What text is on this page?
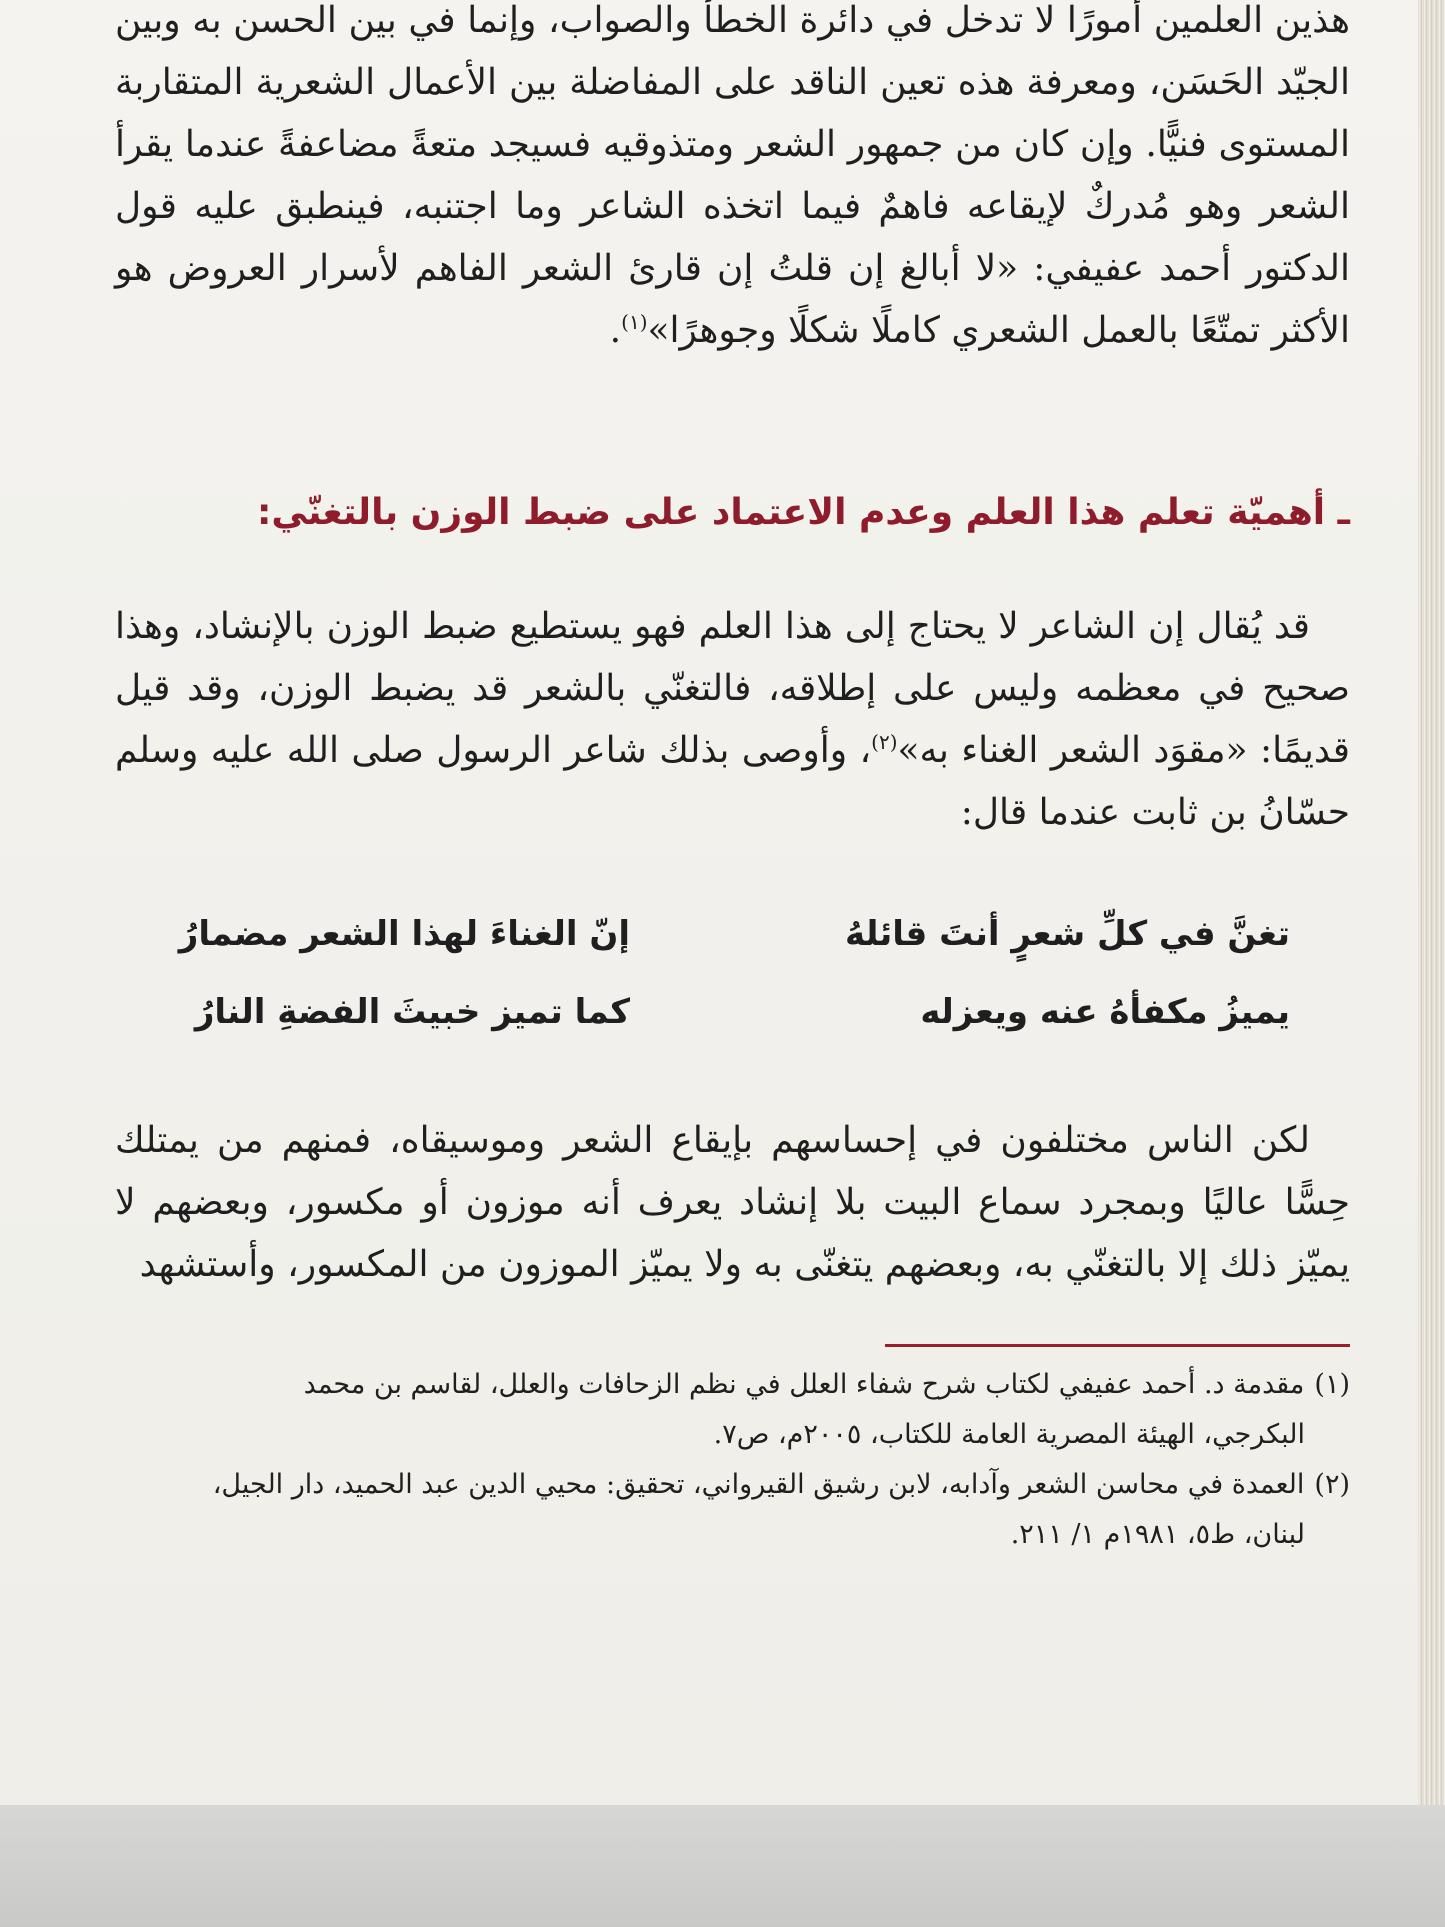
هذين العلمين أمورًا لا تدخل في دائرة الخطأ والصواب، وإنما في بين الحسن به وبين الجيّد الحَسَن، ومعرفة هذه تعين الناقد على المفاضلة بين الأعمال الشعرية المتقاربة المستوى فنيًّا. وإن كان من جمهور الشعر ومتذوقيه فسيجد متعةً مضاعفةً عندما يقرأ الشعر وهو مُدركٌ لإيقاعه فاهمٌ فيما اتخذه الشاعر وما اجتنبه، فينطبق عليه قول الدكتور أحمد عفيفي: «لا أبالغ إن قلتُ إن قارئ الشعر الفاهم لأسرار العروض هو الأكثر تمتّعًا بالعمل الشعري كاملًا شكلًا وجوهرًا»$^{(١)}$.
ـ أهميّة تعلم هذا العلم وعدم الاعتماد على ضبط الوزن بالتغنّي:
قد يُقال إن الشاعر لا يحتاج إلى هذا العلم فهو يستطيع ضبط الوزن بالإنشاد، وهذا صحيح في معظمه وليس على إطلاقه، فالتغنّي بالشعر قد يضبط الوزن، وقد قيل قديمًا: «مقوَد الشعر الغناء به»$^{(٢)}$، وأوصى بذلك شاعر الرسول صلى الله عليه وسلم حسّانُ بن ثابت عندما قال:
تغنَّ في كلِّ شعرٍ أنتَ قائلهُ
إنّ الغناءَ لهذا الشعر مضمارُ
يميزُ مكفأهُ عنه ويعزله
كما تميز خبيثَ الفضةِ النارُ
لكن الناس مختلفون في إحساسهم بإيقاع الشعر وموسيقاه، فمنهم من يمتلك حِسًّا عاليًا وبمجرد سماع البيت بلا إنشاد يعرف أنه موزون أو مكسور، وبعضهم لا يميّز ذلك إلا بالتغنّي به، وبعضهم يتغنّى به ولا يميّز الموزون من المكسور، وأستشهد
(١)مقدمة د. أحمد عفيفي لكتاب شرح شفاء العلل في نظم الزحافات والعلل، لقاسم بن محمد
البكرجي، الهيئة المصرية العامة للكتاب، ٢٠٠٥م، ص٧.
(٢)العمدة في محاسن الشعر وآدابه، لابن رشيق القيرواني، تحقيق: محيي الدين عبد الحميد، دار الجيل،
لبنان، ط٥، ١٩٨١م ١/ ٢١١.
